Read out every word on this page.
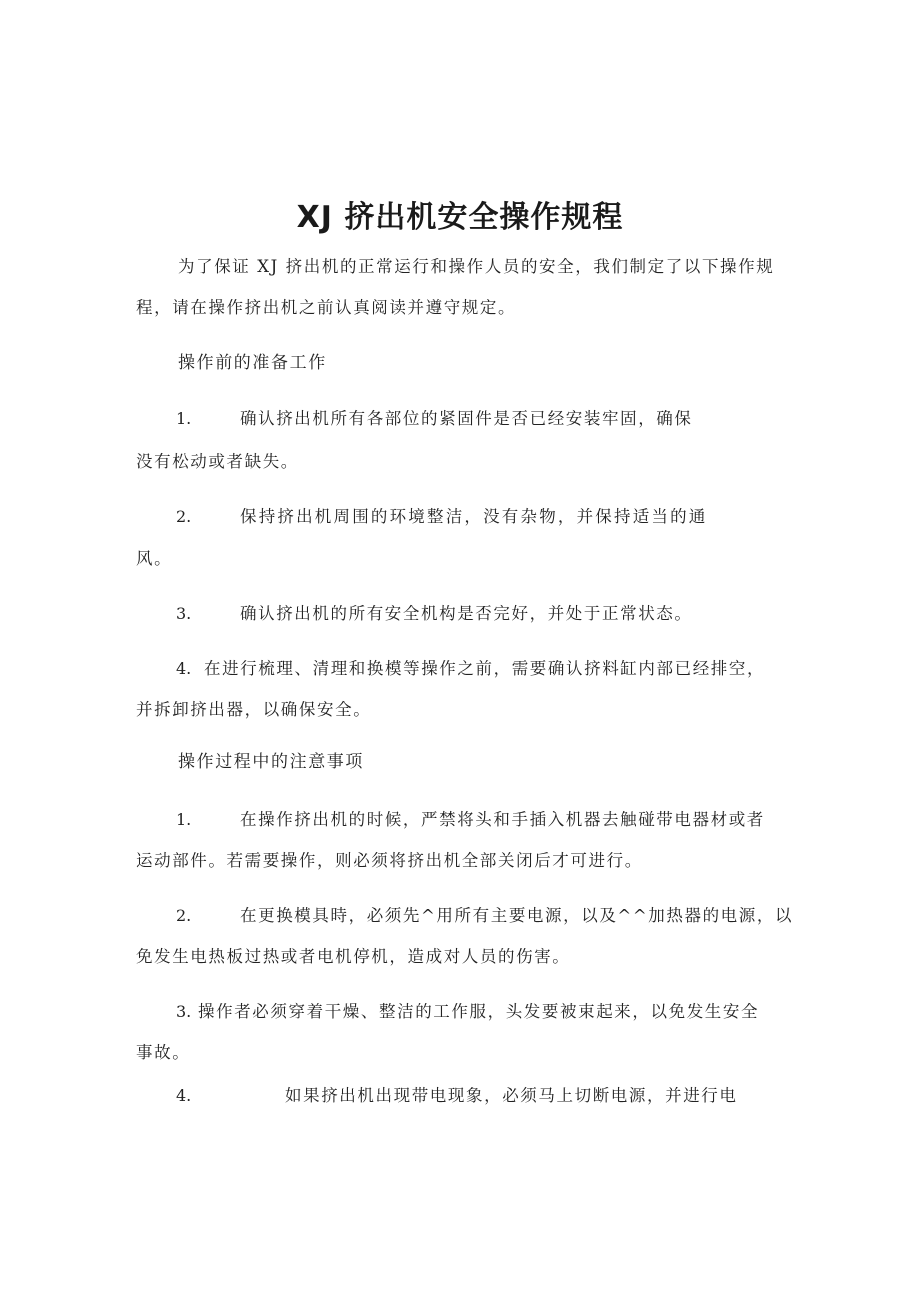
XJ 挤出机安全操作规程
为了保证 XJ 挤出机的正常运行和操作人员的安全，我们制定了以下操作规
程，请在操作挤出机之前认真阅读并遵守规定。
操作前的准备工作
1.	确认挤出机所有各部位的紧固件是否已经安装牢固，确保
没有松动或者缺失。
2.	保持挤出机周围的环境整洁，没有杂物，并保持适当的通
风。
3.	确认挤出机的所有安全机构是否完好，并处于正常状态。
4. 在进行梳理、清理和换模等操作之前，需要确认挤料缸内部已经排空，
并拆卸挤出器，以确保安全。
操作过程中的注意事项
1.	在操作挤出机的时候，严禁将头和手插入机器去触碰带电器材或者
运动部件。若需要操作，则必须将挤出机全部关闭后才可进行。
2.	在更换模具時，必须先^用所有主要电源，以及^^加热器的电源，以
免发生电热板过热或者电机停机，造成对人员的伤害。
3. 操作者必须穿着干燥、整洁的工作服，头发要被束起来，以免发生安全
事故。
4.	如果挤出机出现带电现象，必须马上切断电源，并进行电
